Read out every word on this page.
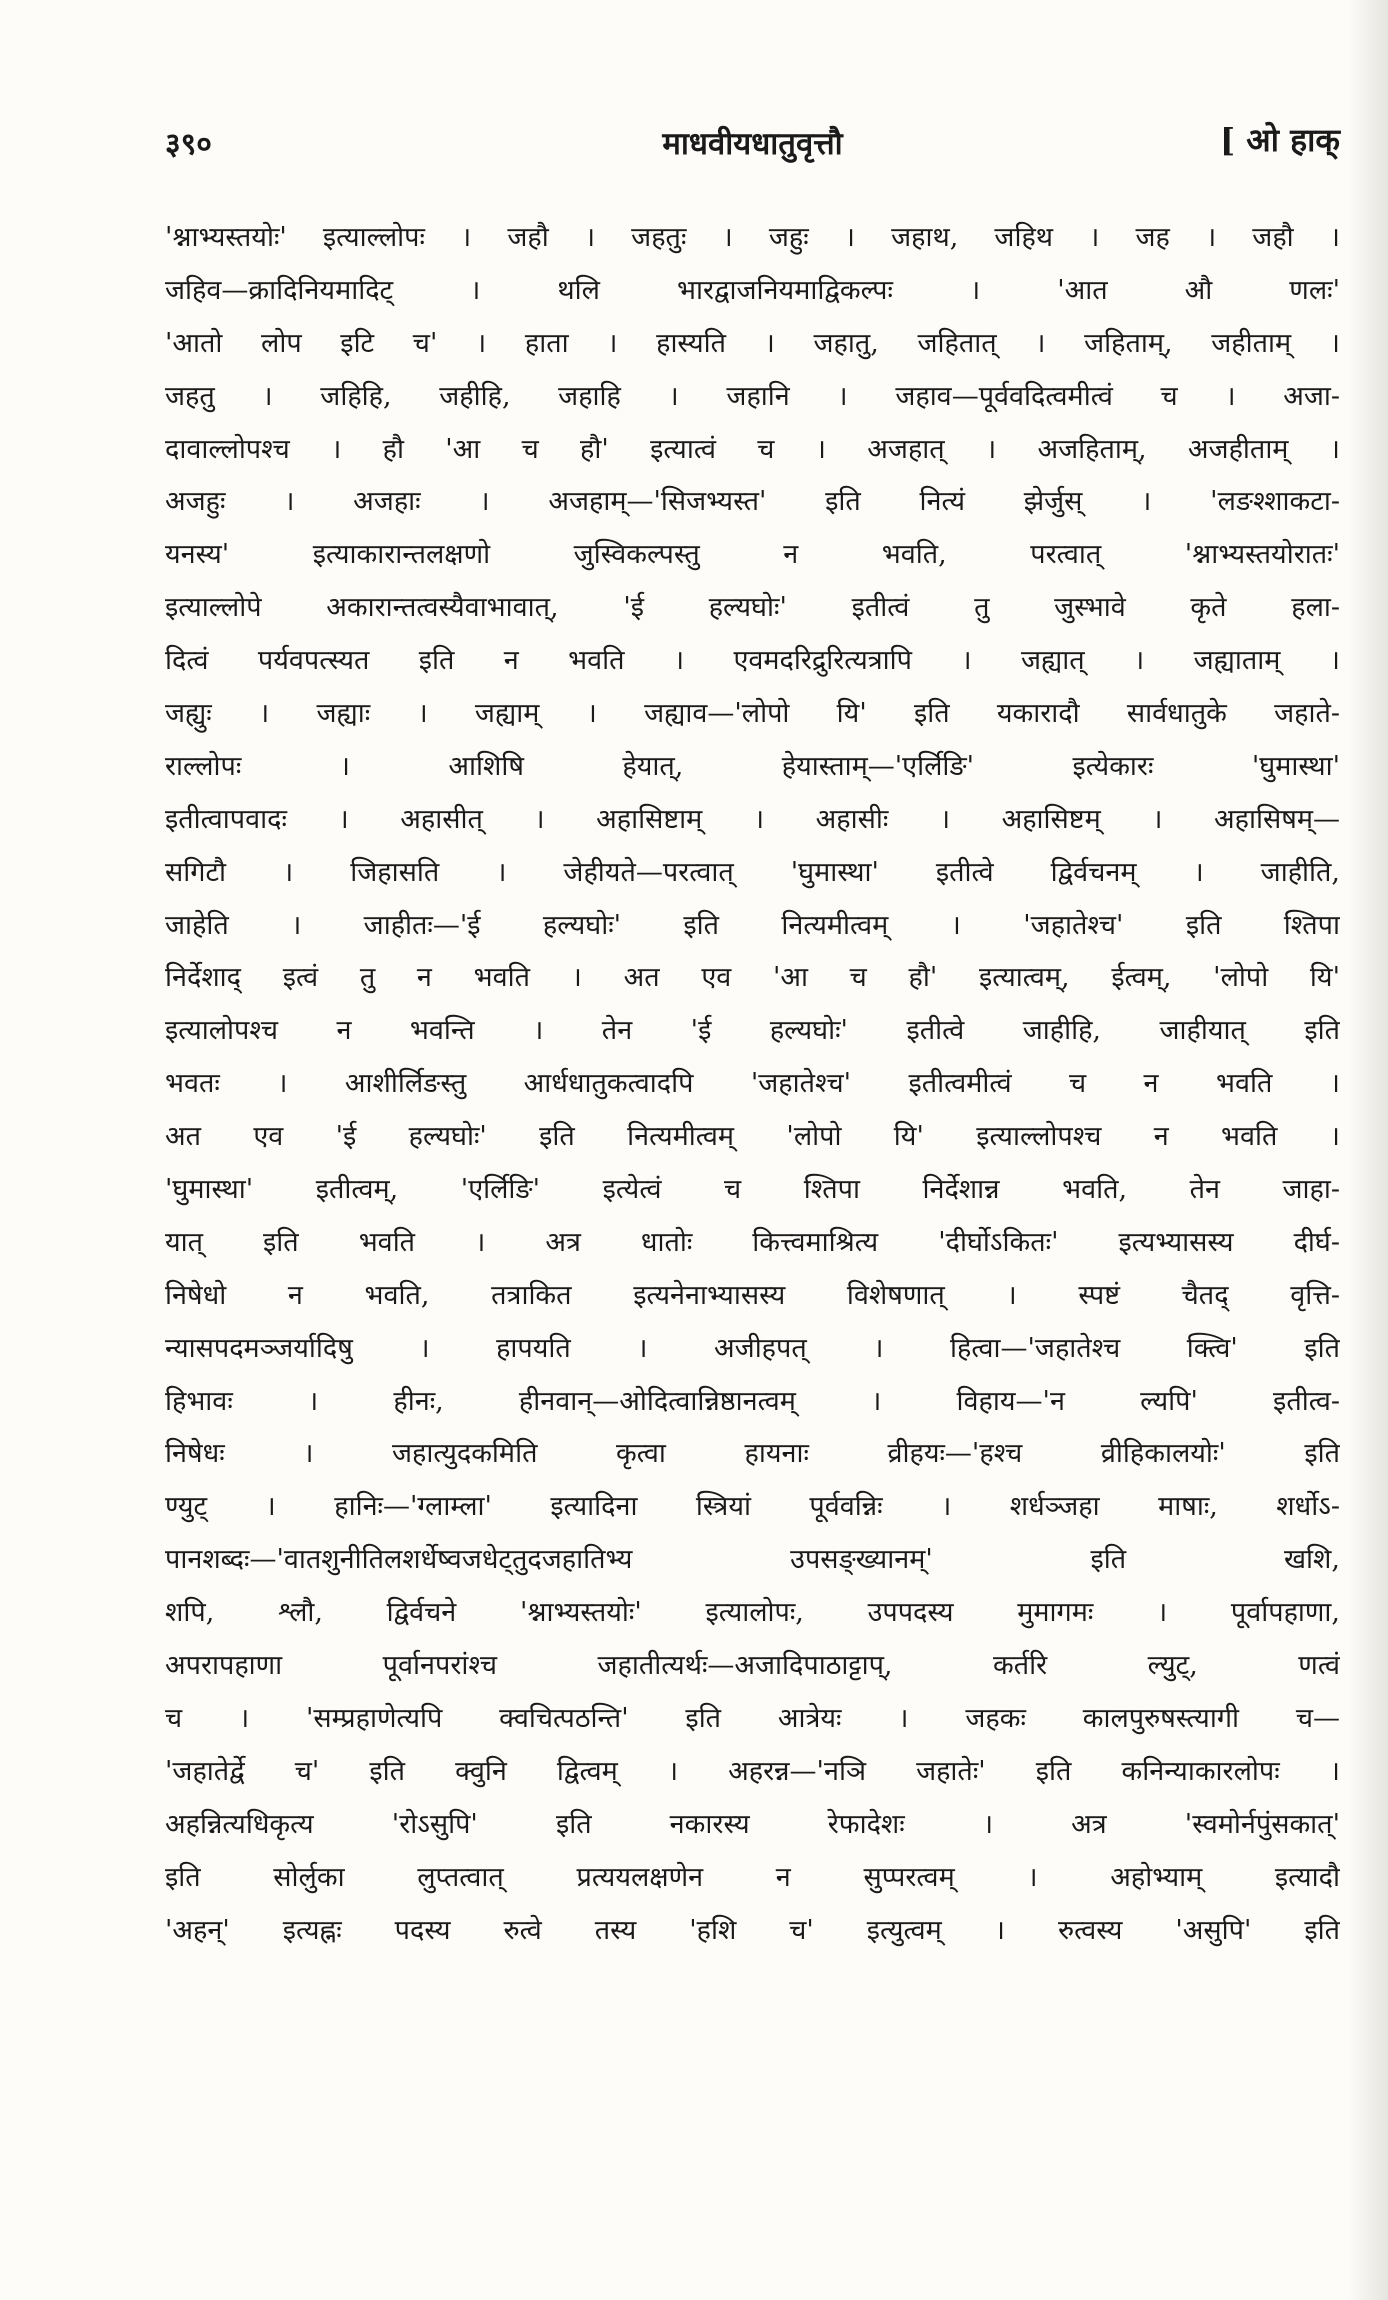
३९०	माधवीयधातुवृत्तौ	[ ओ हाक्
'श्नाभ्यस्तयोः' इत्याल्लोपः । जहौ । जहतुः । जहुः । जहाथ, जहिथ । जह । जहौ ।
जहिव—क्रादिनियमादिट् । थलि भारद्वाजनियमाद्विकल्पः । 'आत औ णलः'
'आतो लोप इटि च' । हाता । हास्यति । जहातु, जहितात् । जहिताम्, जहीताम् ।
जहतु । जहिहि, जहीहि, जहाहि । जहानि । जहाव—पूर्ववदित्वमीत्वं च । अजा-
दावाल्लोपश्च । हौ 'आ च हौ' इत्यात्वं च । अजहात् । अजहिताम्, अजहीताम् ।
अजहुः । अजहाः । अजहाम्—'सिजभ्यस्त' इति नित्यं झेर्जुस् । 'लङश्शाकटा-
यनस्य' इत्याकारान्तलक्षणो जुस्विकल्पस्तु न भवति, परत्वात् 'श्नाभ्यस्तयोरातः'
इत्याल्लोपे अकारान्तत्वस्यैवाभावात्, 'ई हल्यघोः' इतीत्वं तु जुस्भावे कृते हला-
दित्वं पर्यवपत्स्यत इति न भवति । एवमदरिद्रुरित्यत्रापि । जह्यात् । जह्याताम् ।
जह्युः । जह्याः । जह्याम् । जह्याव—'लोपो यि' इति यकारादौ सार्वधातुके जहाते-
राल्लोपः । आशिषि हेयात्, हेयास्ताम्—'एर्लिङि' इत्येकारः 'घुमास्था'
इतीत्वापवादः । अहासीत् । अहासिष्टाम् । अहासीः । अहासिष्टम् । अहासिषम्—
सगिटौ । जिहासति । जेहीयते—परत्वात् 'घुमास्था' इतीत्वे द्विर्वचनम् । जाहीति,
जाहेति । जाहीतः—'ई हल्यघोः' इति नित्यमीत्वम् । 'जहातेश्च' इति श्तिपा
निर्देशाद् इत्वं तु न भवति । अत एव 'आ च हौ' इत्यात्वम्, ईत्वम्, 'लोपो यि'
इत्यालोपश्च न भवन्ति । तेन 'ई हल्यघोः' इतीत्वे जाहीहि, जाहीयात् इति
भवतः । आशीर्लिङस्तु आर्धधातुकत्वादपि 'जहातेश्च' इतीत्वमीत्वं च न भवति ।
अत एव 'ई हल्यघोः' इति नित्यमीत्वम् 'लोपो यि' इत्याल्लोपश्च न भवति ।
'घुमास्था' इतीत्वम्, 'एर्लिङि' इत्येत्वं च श्तिपा निर्देशान्न भवति, तेन जाहा-
यात् इति भवति । अत्र धातोः कित्त्वमाश्रित्य 'दीर्घोऽकितः' इत्यभ्यासस्य दीर्घ-
निषेधो न भवति, तत्राकित इत्यनेनाभ्यासस्य विशेषणात् । स्पष्टं चैतद् वृत्ति-
न्यासपदमञ्जर्यादिषु । हापयति । अजीहपत् । हित्वा—'जहातेश्च क्त्वि' इति
हिभावः । हीनः, हीनवान्—ओदित्वान्निष्ठानत्वम् । विहाय—'न ल्यपि' इतीत्व-
निषेधः । जहात्युदकमिति कृत्वा हायनाः व्रीहयः—'हश्च व्रीहिकालयोः' इति
ण्युट् । हानिः—'ग्लाम्ला' इत्यादिना स्त्रियां पूर्ववन्निः । शर्धञ्जहा माषाः, शर्धोऽ-
पानशब्दः—'वातशुनीतिलशर्धेष्वजधेट्तुदजहातिभ्य उपसङ्ख्यानम्' इति खशि,
शपि, श्लौ, द्विर्वचने 'श्नाभ्यस्तयोः' इत्यालोपः, उपपदस्य मुमागमः । पूर्वापहाणा,
अपरापहाणा पूर्वानपरांश्च जहातीत्यर्थः—अजादिपाठाट्टाप्, कर्तरि ल्युट्, णत्वं
च । 'सम्प्रहाणेत्यपि क्वचित्पठन्ति' इति आत्रेयः । जहकः कालपुरुषस्त्यागी च—
'जहातेर्द्वे च' इति क्वुनि द्वित्वम् । अहरन्न—'नञि जहातेः' इति कनिन्याकारलोपः ।
अहन्नित्यधिकृत्य 'रोऽसुपि' इति नकारस्य रेफादेशः । अत्र 'स्वमोर्नपुंसकात्'
इति सोर्लुका लुप्तत्वात् प्रत्ययलक्षणेन न सुप्परत्वम् । अहोभ्याम् इत्यादौ
'अहन्' इत्यह्नः पदस्य रुत्वे तस्य 'हशि च' इत्युत्वम् । रुत्वस्य 'असुपि' इति
